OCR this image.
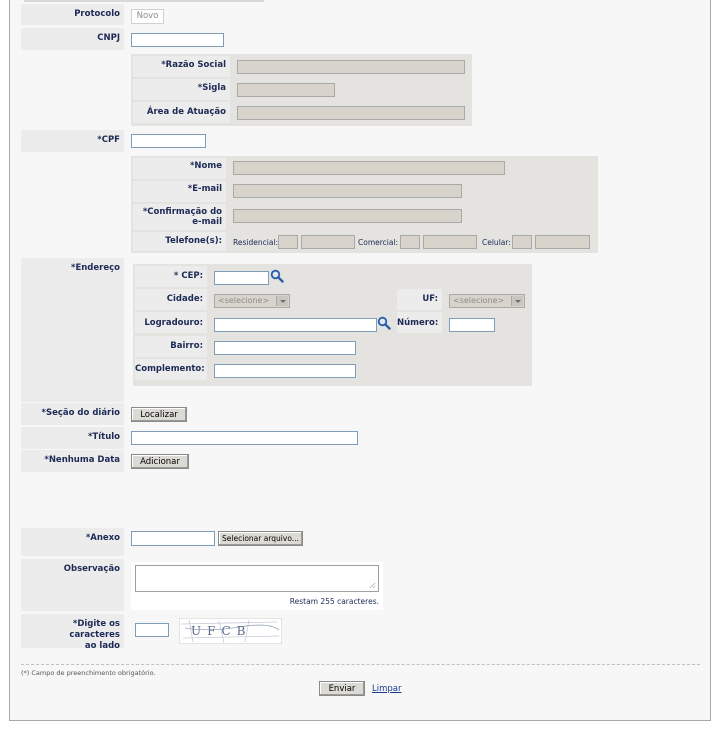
Protocolo	Novo
CNPJ
*Razão Social
*Sigla
Área de Atuação
*CPF
*Nome
*E-mail
*Confirmação do
e-mail
Telefone(s): Residencial:	Comercial:	Celular:
*Endereço
* CEP:
Cidade:	<selecione>	UF:	<selecione>
Logradouro:	Número:
Bairro:
Complemento:
*Seção do diário	Localizar
*Título
*Nenhuma Data	Adicionar
*Anexo	Selecionar arquivo...
Observação
Restam 255 caracteres.
*Digite os caracteres
ao lado
UFCB
(*) Campo de preenchimento obrigatório.
Enviar	Limpar
